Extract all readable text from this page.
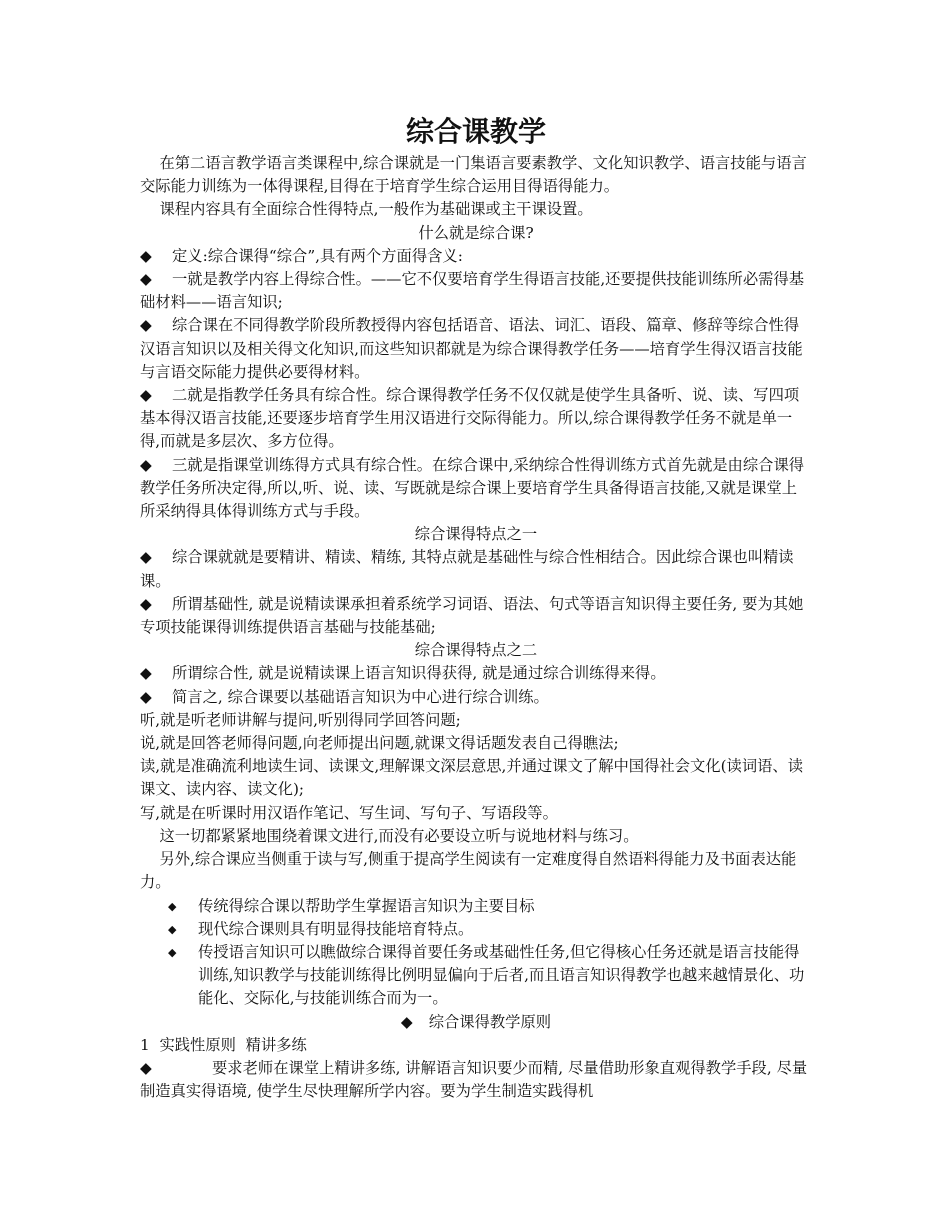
综合课教学

在第二语言教学语言类课程中,综合课就是一门集语言要素教学、文化知识教学、语言技能与语言交际能力训练为一体得课程,目得在于培育学生综合运用目得语得能力。

课程内容具有全面综合性得特点,一般作为基础课或主干课设置。

什么就是综合课?

◆ 定义:综合课得“综合”,具有两个方面得含义:

◆ 一就是教学内容上得综合性。——它不仅要培育学生得语言技能,还要提供技能训练所必需得基础材料——语言知识;

◆ 综合课在不同得教学阶段所教授得内容包括语音、语法、词汇、语段、篇章、修辞等综合性得汉语言知识以及相关得文化知识,而这些知识都就是为综合课得教学任务——培育学生得汉语言技能与言语交际能力提供必要得材料。

◆ 二就是指教学任务具有综合性。综合课得教学任务不仅仅就是使学生具备听、说、读、写四项基本得汉语言技能,还要逐步培育学生用汉语进行交际得能力。所以,综合课得教学任务不就是单一得,而就是多层次、多方位得。

◆ 三就是指课堂训练得方式具有综合性。在综合课中,采纳综合性得训练方式首先就是由综合课得教学任务所决定得,所以,听、说、读、写既就是综合课上要培育学生具备得语言技能,又就是课堂上所采纳得具体得训练方式与手段。

综合课得特点之一

◆ 综合课就就是要精讲、精读、精练, 其特点就是基础性与综合性相结合。因此综合课也叫精读课。

◆ 所谓基础性, 就是说精读课承担着系统学习词语、语法、句式等语言知识得主要任务, 要为其她专项技能课得训练提供语言基础与技能基础;

综合课得特点之二

◆ 所谓综合性, 就是说精读课上语言知识得获得, 就是通过综合训练得来得。

◆ 简言之, 综合课要以基础语言知识为中心进行综合训练。

听,就是听老师讲解与提问,听别得同学回答问题;

说,就是回答老师得问题,向老师提出问题,就课文得话题发表自己得瞧法;

读,就是准确流利地读生词、读课文,理解课文深层意思,并通过课文了解中国得社会文化(读词语、读课文、读内容、读文化);

写,就是在听课时用汉语作笔记、写生词、写句子、写语段等。

这一切都紧紧地围绕着课文进行,而没有必要设立听与说地材料与练习。

另外,综合课应当侧重于读与写,侧重于提高学生阅读有一定难度得自然语料得能力及书面表达能力。

◆ 传统得综合课以帮助学生掌握语言知识为主要目标

◆ 现代综合课则具有明显得技能培育特点。

◆ 传授语言知识可以瞧做综合课得首要任务或基础性任务,但它得核心任务还就是语言技能得训练,知识教学与技能训练得比例明显偏向于后者,而且语言知识得教学也越来越情景化、功能化、交际化,与技能训练合而为一。

◆ 综合课得教学原则

1  实践性原则  精讲多练

◆	要求老师在课堂上精讲多练, 讲解语言知识要少而精, 尽量借助形象直观得教学手段, 尽量制造真实得语境, 使学生尽快理解所学内容。要为学生制造实践得机
